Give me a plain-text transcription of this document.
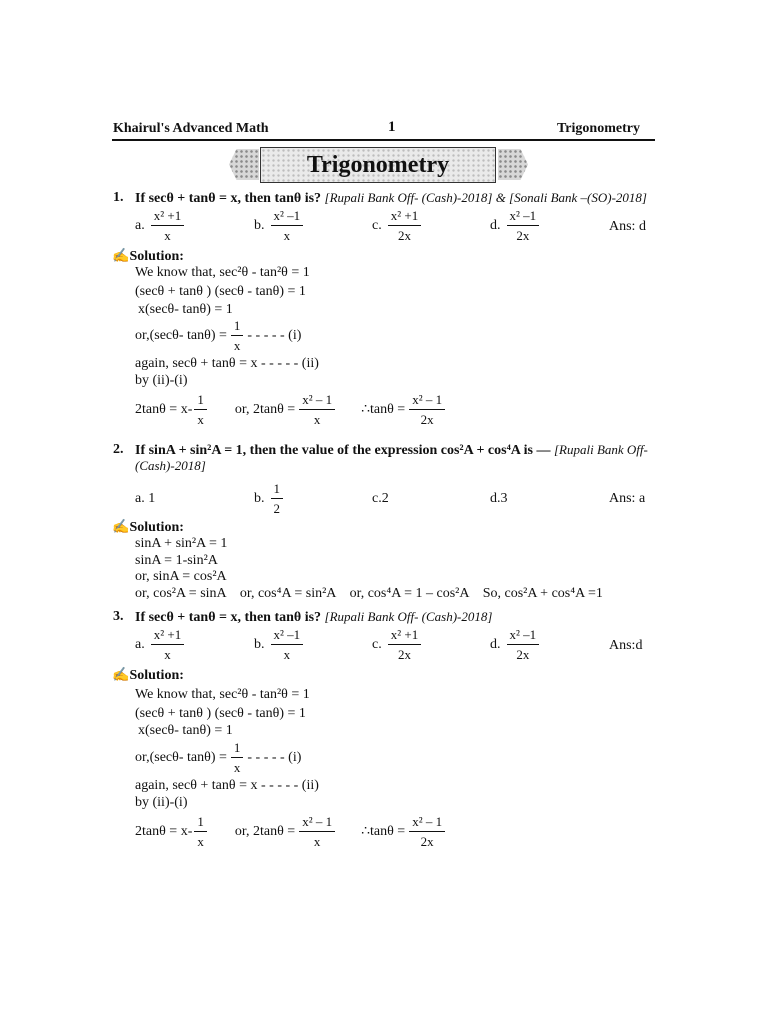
Khairul's Advanced Math	1	Trigonometry
Trigonometry
1. If secθ + tanθ = x, then tanθ is? [Rupali Bank Off- (Cash)-2018] & [Sonali Bank –(SO)-2018]
a. $\frac{\text{x² +1}}{x}$	b. $\frac{\text{x² –1}}{x}$	c. $\frac{\text{x² +1}}{2x}$	d. $\frac{\text{x² –1}}{2x}$	Ans: d
✍Solution:
We know that, sec²θ - tan²θ = 1
(secθ + tanθ ) (secθ - tanθ) = 1
x(secθ- tanθ) = 1
or,(secθ- $\tan\theta) = \frac{1}{x}$ - - - - - (i)
again, secθ + tanθ = x - - - - - (ii)
by (ii)-(i)
$2\tan\theta = x- \frac{1}{x}$ or, $2\tan\theta = \frac{\text{x² – 1}}{x}$ ∴tanθ = $\frac{\text{x² – 1}}{2x}$
2. If sinA + sin²A = 1, then the value of the expression cos²A + cos⁴A is — [Rupali Bank Off-
(Cash)-2018]
a. 1	b. $\frac{1}{2}$	c.2	d.3	Ans: a
✍Solution:
sinA + sin²A = 1
sinA = 1-sin²A
or, sinA = cos²A
or, cos²A = sinA    or, cos⁴A = sin²A    or, cos⁴A = 1 – cos²A    So, cos²A + cos⁴A =1
3. If secθ + tanθ = x, then tanθ is? [Rupali Bank Off- (Cash)-2018]
a. $\frac{\text{x² +1}}{x}$	b. $\frac{\text{x² –1}}{x}$	c. $\frac{\text{x² +1}}{2x}$	d. $\frac{\text{x² –1}}{2x}$	Ans:d
✍Solution:
We know that, sec²θ - tan²θ = 1
(secθ + tanθ ) (secθ - tanθ) = 1
x(secθ- tanθ) = 1
or,(secθ- $\tan\theta) = \frac{1}{x}$ - - - - - (i)
again, secθ + tanθ = x - - - - - (ii)
by (ii)-(i)
$2\tan\theta = x- \frac{1}{x}$ or, $2\tan\theta = \frac{\text{x² – 1}}{x}$ ∴tanθ = $\frac{\text{x² – 1}}{2x}$
